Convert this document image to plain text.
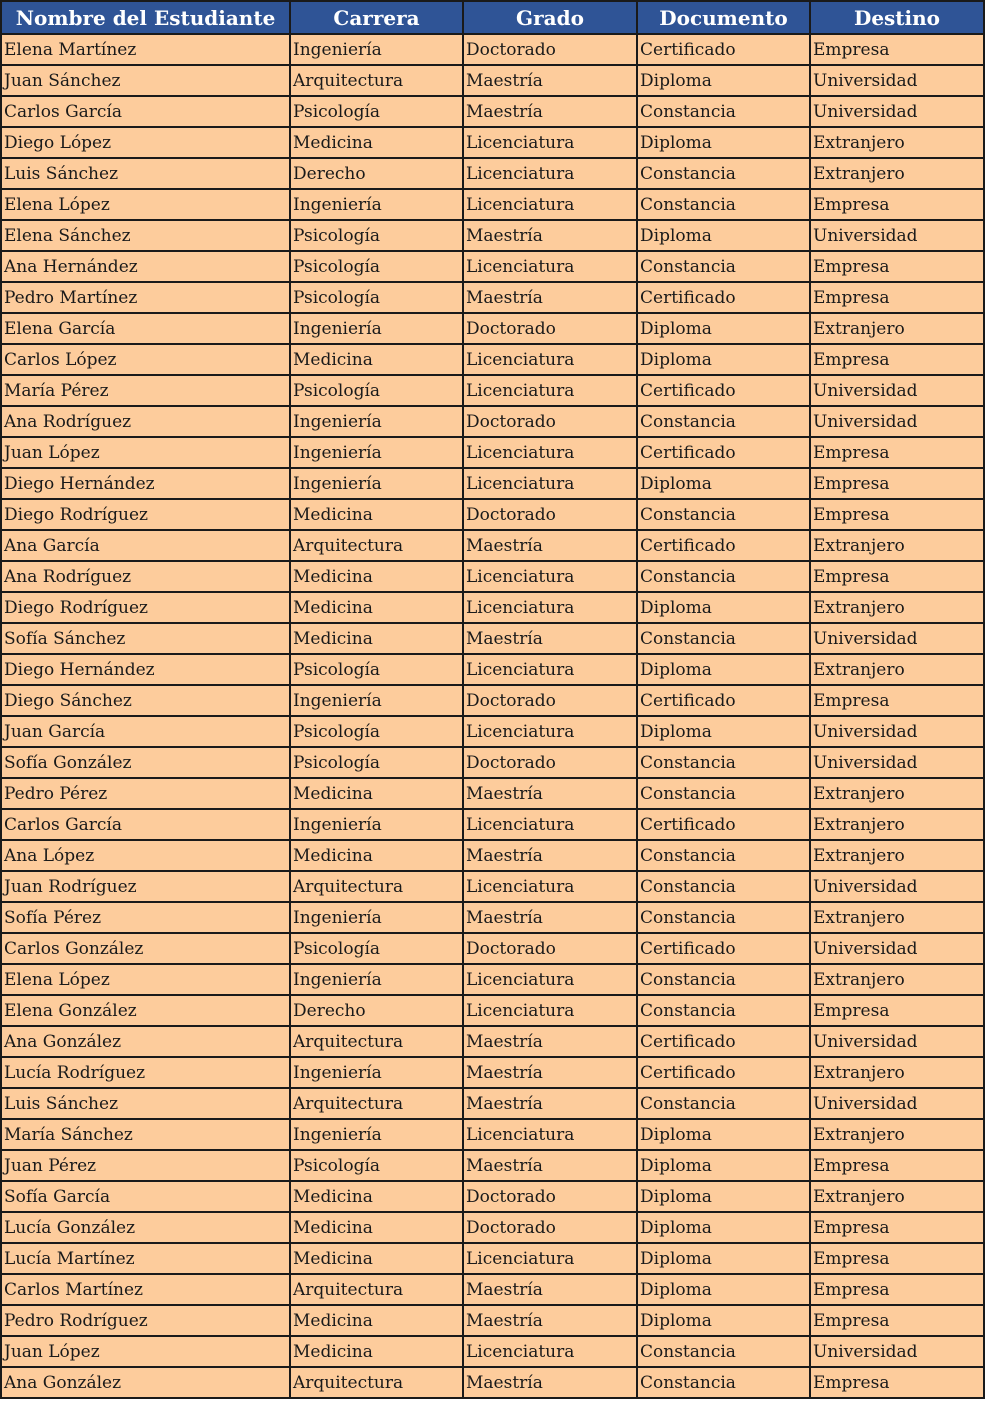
Nombre del Estudiante	Carrera	Grado	Documento	Destino
Elena Martínez	Ingeniería	Doctorado	Certificado	Empresa
Juan Sánchez	Arquitectura	Maestría	Diploma	Universidad
Carlos García	Psicología	Maestría	Constancia	Universidad
Diego López	Medicina	Licenciatura	Diploma	Extranjero
Luis Sánchez	Derecho	Licenciatura	Constancia	Extranjero
Elena López	Ingeniería	Licenciatura	Constancia	Empresa
Elena Sánchez	Psicología	Maestría	Diploma	Universidad
Ana Hernández	Psicología	Licenciatura	Constancia	Empresa
Pedro Martínez	Psicología	Maestría	Certificado	Empresa
Elena García	Ingeniería	Doctorado	Diploma	Extranjero
Carlos López	Medicina	Licenciatura	Diploma	Empresa
María Pérez	Psicología	Licenciatura	Certificado	Universidad
Ana Rodríguez	Ingeniería	Doctorado	Constancia	Universidad
Juan López	Ingeniería	Licenciatura	Certificado	Empresa
Diego Hernández	Ingeniería	Licenciatura	Diploma	Empresa
Diego Rodríguez	Medicina	Doctorado	Constancia	Empresa
Ana García	Arquitectura	Maestría	Certificado	Extranjero
Ana Rodríguez	Medicina	Licenciatura	Constancia	Empresa
Diego Rodríguez	Medicina	Licenciatura	Diploma	Extranjero
Sofía Sánchez	Medicina	Maestría	Constancia	Universidad
Diego Hernández	Psicología	Licenciatura	Diploma	Extranjero
Diego Sánchez	Ingeniería	Doctorado	Certificado	Empresa
Juan García	Psicología	Licenciatura	Diploma	Universidad
Sofía González	Psicología	Doctorado	Constancia	Universidad
Pedro Pérez	Medicina	Maestría	Constancia	Extranjero
Carlos García	Ingeniería	Licenciatura	Certificado	Extranjero
Ana López	Medicina	Maestría	Constancia	Extranjero
Juan Rodríguez	Arquitectura	Licenciatura	Constancia	Universidad
Sofía Pérez	Ingeniería	Maestría	Constancia	Extranjero
Carlos González	Psicología	Doctorado	Certificado	Universidad
Elena López	Ingeniería	Licenciatura	Constancia	Extranjero
Elena González	Derecho	Licenciatura	Constancia	Empresa
Ana González	Arquitectura	Maestría	Certificado	Universidad
Lucía Rodríguez	Ingeniería	Maestría	Certificado	Extranjero
Luis Sánchez	Arquitectura	Maestría	Constancia	Universidad
María Sánchez	Ingeniería	Licenciatura	Diploma	Extranjero
Juan Pérez	Psicología	Maestría	Diploma	Empresa
Sofía García	Medicina	Doctorado	Diploma	Extranjero
Lucía González	Medicina	Doctorado	Diploma	Empresa
Lucía Martínez	Medicina	Licenciatura	Diploma	Empresa
Carlos Martínez	Arquitectura	Maestría	Diploma	Empresa
Pedro Rodríguez	Medicina	Maestría	Diploma	Empresa
Juan López	Medicina	Licenciatura	Constancia	Universidad
Ana González	Arquitectura	Maestría	Constancia	Empresa
